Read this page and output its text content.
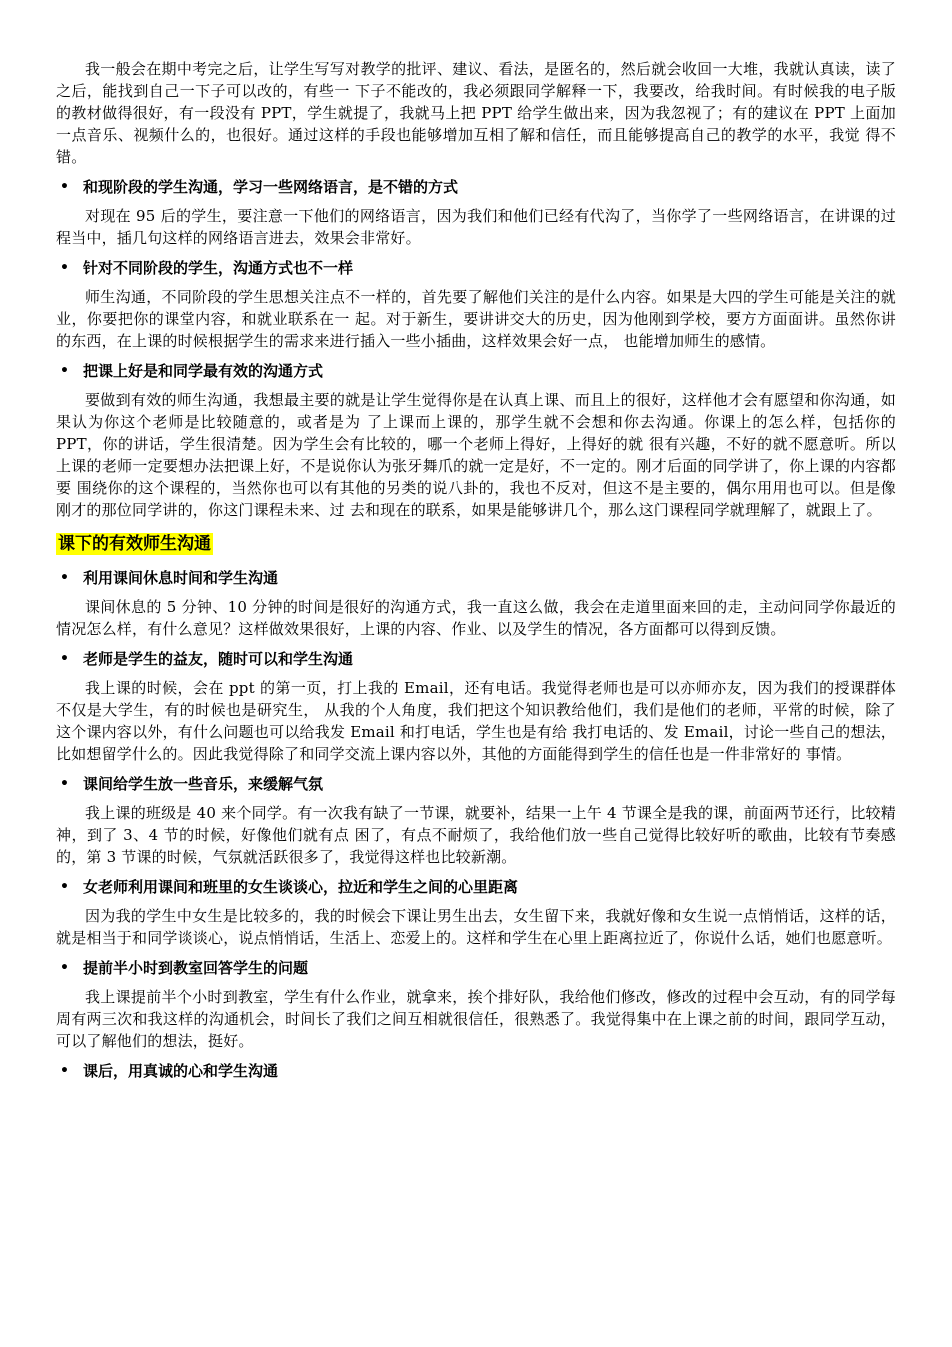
我一般会在期中考完之后，让学生写写对教学的批评、建议、看法，是匿名的，然后就会收回一大堆，我就认真读，读了之后，能找到自己一下子可以改的，有些一 下子不能改的，我必须跟同学解释一下，我要改，给我时间。有时候我的电子版的教材做得很好，有一段没有 PPT，学生就提了，我就马上把 PPT 给学生做出来，因为我忽视了；有的建议在 PPT 上面加一点音乐、视频什么的，也很好。通过这样的手段也能够增加互相了解和信任，而且能够提高自己的教学的水平，我觉 得不错。

• 和现阶段的学生沟通，学习一些网络语言，是不错的方式

对现在 95 后的学生，要注意一下他们的网络语言，因为我们和他们已经有代沟了，当你学了一些网络语言，在讲课的过程当中，插几句这样的网络语言进去，效果会非常好。

• 针对不同阶段的学生，沟通方式也不一样

师生沟通，不同阶段的学生思想关注点不一样的，首先要了解他们关注的是什么内容。如果是大四的学生可能是关注的就业，你要把你的课堂内容，和就业联系在一 起。对于新生，要讲讲交大的历史，因为他刚到学校，要方方面面讲。虽然你讲的东西，在上课的时候根据学生的需求来进行插入一些小插曲，这样效果会好一点， 也能增加师生的感情。

• 把课上好是和同学最有效的沟通方式

要做到有效的师生沟通，我想最主要的就是让学生觉得你是在认真上课、而且上的很好，这样他才会有愿望和你沟通，如果认为你这个老师是比较随意的，或者是为 了上课而上课的，那学生就不会想和你去沟通。你课上的怎么样，包括你的 PPT，你的讲话，学生很清楚。因为学生会有比较的，哪一个老师上得好，上得好的就 很有兴趣，不好的就不愿意听。所以上课的老师一定要想办法把课上好，不是说你认为张牙舞爪的就一定是好，不一定的。刚才后面的同学讲了，你上课的内容都要 围绕你的这个课程的，当然你也可以有其他的另类的说八卦的，我也不反对，但这不是主要的，偶尔用用也可以。但是像刚才的那位同学讲的，你这门课程未来、过 去和现在的联系，如果是能够讲几个，那么这门课程同学就理解了，就跟上了。

课下的有效师生沟通
• 利用课间休息时间和学生沟通

课间休息的 5 分钟、10 分钟的时间是很好的沟通方式，我一直这么做，我会在走道里面来回的走，主动问同学你最近的情况怎么样，有什么意见？这样做效果很好，上课的内容、作业、以及学生的情况，各方面都可以得到反馈。

• 老师是学生的益友，随时可以和学生沟通

我上课的时候，会在 ppt 的第一页，打上我的 Email，还有电话。我觉得老师也是可以亦师亦友，因为我们的授课群体不仅是大学生，有的时候也是研究生， 从我的个人角度，我们把这个知识教给他们，我们是他们的老师，平常的时候，除了这个课内容以外，有什么问题也可以给我发 Email 和打电话，学生也是有给 我打电话的、发 Email，讨论一些自己的想法，比如想留学什么的。因此我觉得除了和同学交流上课内容以外，其他的方面能得到学生的信任也是一件非常好的 事情。

• 课间给学生放一些音乐，来缓解气氛

我上课的班级是 40 来个同学。有一次我有缺了一节课，就要补，结果一上午 4 节课全是我的课，前面两节还行，比较精神，到了 3、4 节的时候，好像他们就有点 困了，有点不耐烦了，我给他们放一些自己觉得比较好听的歌曲，比较有节奏感的，第 3 节课的时候，气氛就活跃很多了，我觉得这样也比较新潮。

• 女老师利用课间和班里的女生谈谈心，拉近和学生之间的心里距离

因为我的学生中女生是比较多的，我的时候会下课让男生出去，女生留下来，我就好像和女生说一点悄悄话，这样的话，就是相当于和同学谈谈心，说点悄悄话，生活上、恋爱上的。这样和学生在心里上距离拉近了，你说什么话，她们也愿意听。

• 提前半小时到教室回答学生的问题

我上课提前半个小时到教室，学生有什么作业，就拿来，挨个排好队，我给他们修改，修改的过程中会互动，有的同学每周有两三次和我这样的沟通机会，时间长了我们之间互相就很信任，很熟悉了。我觉得集中在上课之前的时间，跟同学互动，可以了解他们的想法，挺好。

• 课后，用真诚的心和学生沟通
